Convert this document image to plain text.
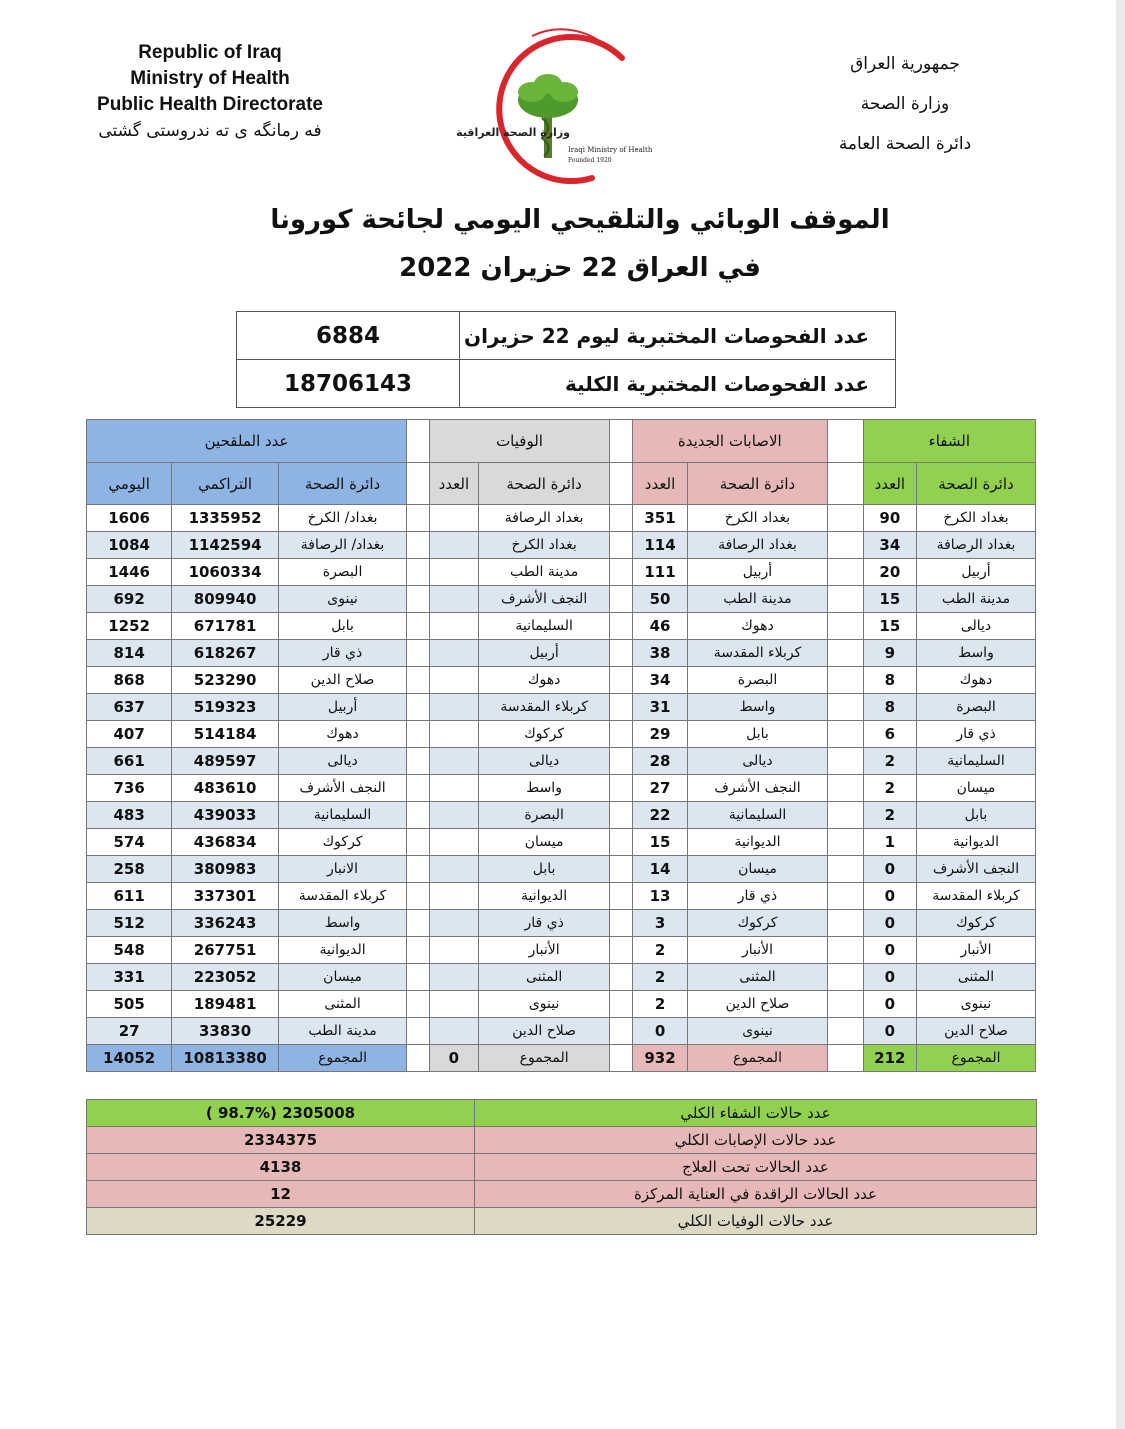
Republic of Iraq
Ministry of Health
Public Health Directorate
فه رمانگه ی ته ندروستی گشتی	وزارة الصحة العراقية
Iraqi Ministry of Health
Founded 1920
جمهورية العراق
وزارة الصحة
دائرة الصحة العامة
الموقف الوبائي والتلقيحي اليومي لجائحة كورونا
في العراق 22 حزيران 2022
6884	عدد الفحوصات المختبرية ليوم 22 حزيران
18706143	عدد الفحوصات المختبرية الكلية
الشفاء			الاصابات الجديدة			الوفيات			عدد الملقحين		
دائرة الصحة	العدد		دائرة الصحة	العدد		دائرة الصحة	العدد		دائرة الصحة	التراكمي	اليومي
بغداد الكرخ	90		بغداد الكرخ	351		بغداد الرصافة			بغداد/ الكرخ	1335952	1606
بغداد الرصافة	34		بغداد الرصافة	114		بغداد الكرخ			بغداد/ الرصافة	1142594	1084
أربيل	20		أربيل	111		مدينة الطب			البصرة	1060334	1446
مدينة الطب	15		مدينة الطب	50		النجف الأشرف			نينوى	809940	692
ديالى	15		دهوك	46		السليمانية			بابل	671781	1252
واسط	9		كربلاء المقدسة	38		أربيل			ذي قار	618267	814
دهوك	8		البصرة	34		دهوك			صلاح الدين	523290	868
البصرة	8		واسط	31		كربلاء المقدسة			أربيل	519323	637
ذي قار	6		بابل	29		كركوك			دهوك	514184	407
السليمانية	2		ديالى	28		ديالى			ديالى	489597	661
ميسان	2		النجف الأشرف	27		واسط			النجف الأشرف	483610	736
بابل	2		السليمانية	22		البصرة			السليمانية	439033	483
الديوانية	1		الديوانية	15		ميسان			كركوك	436834	574
النجف الأشرف	0		ميسان	14		بابل			الانبار	380983	258
كربلاء المقدسة	0		ذي قار	13		الديوانية			كربلاء المقدسة	337301	611
كركوك	0		كركوك	3		ذي قار			واسط	336243	512
الأنبار	0		الأنبار	2		الأنبار			الديوانية	267751	548
المثنى	0		المثنى	2		المثنى			ميسان	223052	331
نينوى	0		صلاح الدين	2		نينوى			المثنى	189481	505
صلاح الدين	0		نينوى	0		صلاح الدين			مدينة الطب	33830	27
المجموع	212		المجموع	932		المجموع	0		المجموع	10813380	14052
عدد حالات الشفاء الكلي	2305008 (98.7% )
عدد حالات الإصابات الكلي	2334375
عدد الحالات تحت العلاج	4138
عدد الحالات الراقدة في العناية المركزة	12
عدد حالات الوفيات الكلي	25229
